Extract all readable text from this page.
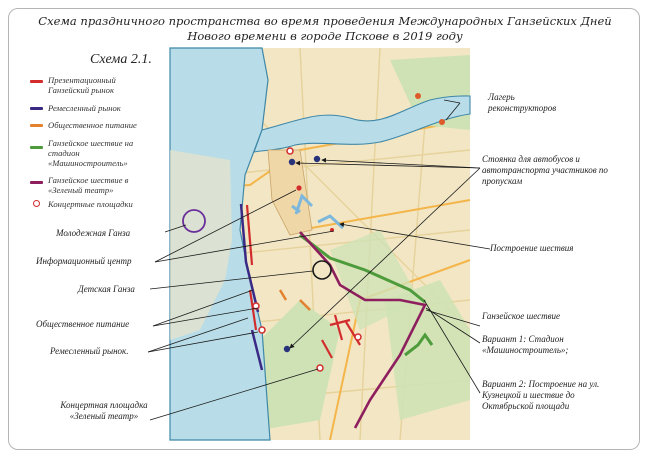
Схема праздничного пространства во время проведения Международных Ганзейских Дней
Нового времени в городе Пскове в 2019 году
Схема 2.1.
Презентационный Ганзейский рынок
Ремесленный рынок
Общественное питание
Ганзейское шествие на стадион «Машиностроитель»
Ганзейское шествие в «Зеленый театр»
Концертные площадки
Молодежная Ганза
Информационный центр
Детская Ганза
Общественное питание
Ремесленный рынок.
Концертная площадка «Зеленый театр»
Лагерь реконструкторов
Стоянка для автобусов и автотранспорта участников по пропускам
Построение шествия
Ганзейское шествие
Вариант 1: Стадион «Машиностроитель»;
Вариант 2: Построение на ул. Кузнецкой и шествие до Октябрьской площади
